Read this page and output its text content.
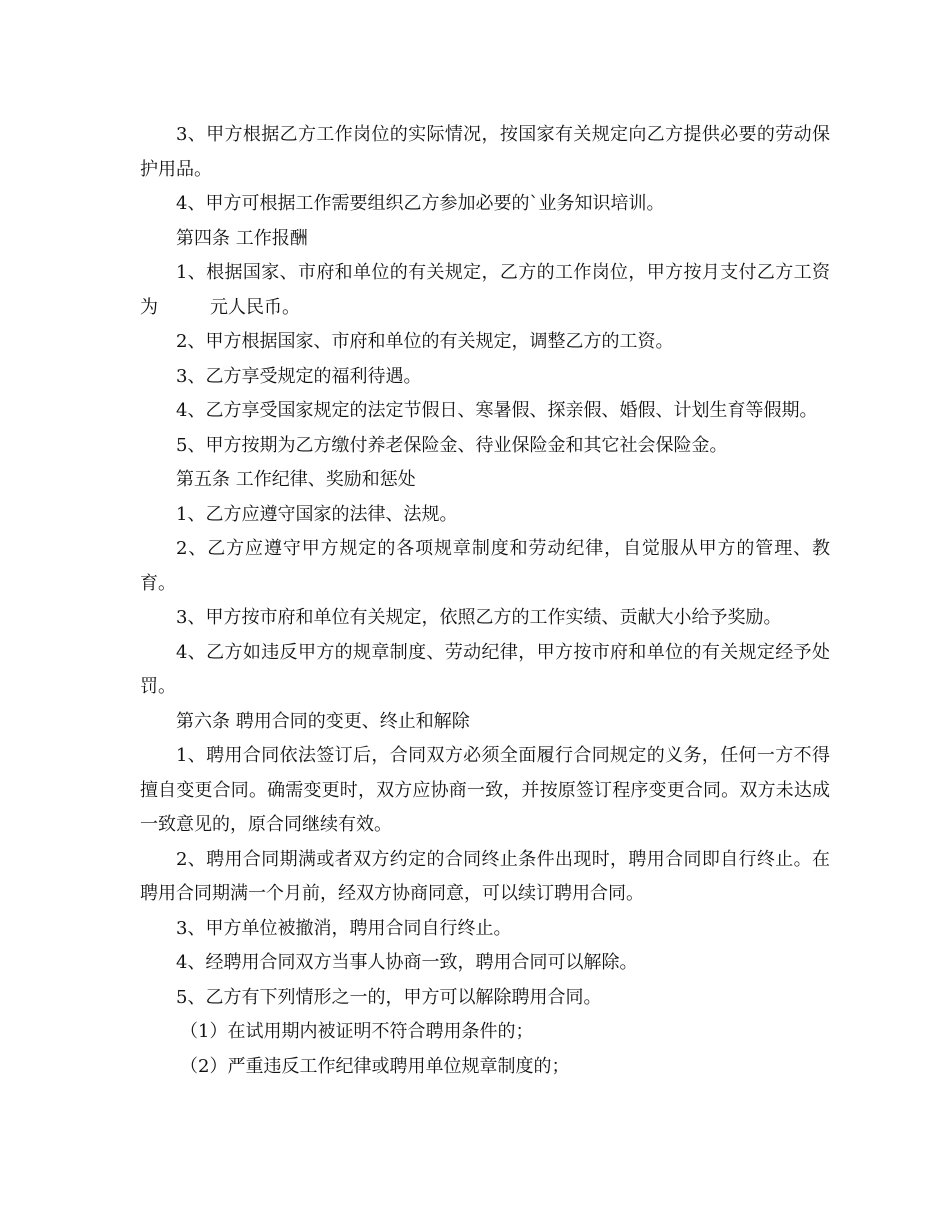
3、甲方根据乙方工作岗位的实际情况，按国家有关规定向乙方提供必要的劳动保护用品。

4、甲方可根据工作需要组织乙方参加必要的`业务知识培训。

第四条 工作报酬

1、根据国家、市府和单位的有关规定，乙方的工作岗位，甲方按月支付乙方工资为	元人民币。

2、甲方根据国家、市府和单位的有关规定，调整乙方的工资。

3、乙方享受规定的福利待遇。

4、乙方享受国家规定的法定节假日、寒暑假、探亲假、婚假、计划生育等假期。

5、甲方按期为乙方缴付养老保险金、待业保险金和其它社会保险金。

第五条 工作纪律、奖励和惩处

1、乙方应遵守国家的法律、法规。

2、乙方应遵守甲方规定的各项规章制度和劳动纪律，自觉服从甲方的管理、教育。

3、甲方按市府和单位有关规定，依照乙方的工作实绩、贡献大小给予奖励。

4、乙方如违反甲方的规章制度、劳动纪律，甲方按市府和单位的有关规定经予处罚。

第六条 聘用合同的变更、终止和解除

1、聘用合同依法签订后，合同双方必须全面履行合同规定的义务，任何一方不得擅自变更合同。确需变更时，双方应协商一致，并按原签订程序变更合同。双方未达成一致意见的，原合同继续有效。

2、聘用合同期满或者双方约定的合同终止条件出现时，聘用合同即自行终止。在聘用合同期满一个月前，经双方协商同意，可以续订聘用合同。

3、甲方单位被撤消，聘用合同自行终止。

4、经聘用合同双方当事人协商一致，聘用合同可以解除。

5、乙方有下列情形之一的，甲方可以解除聘用合同。

（1）在试用期内被证明不符合聘用条件的；

（2）严重违反工作纪律或聘用单位规章制度的；
